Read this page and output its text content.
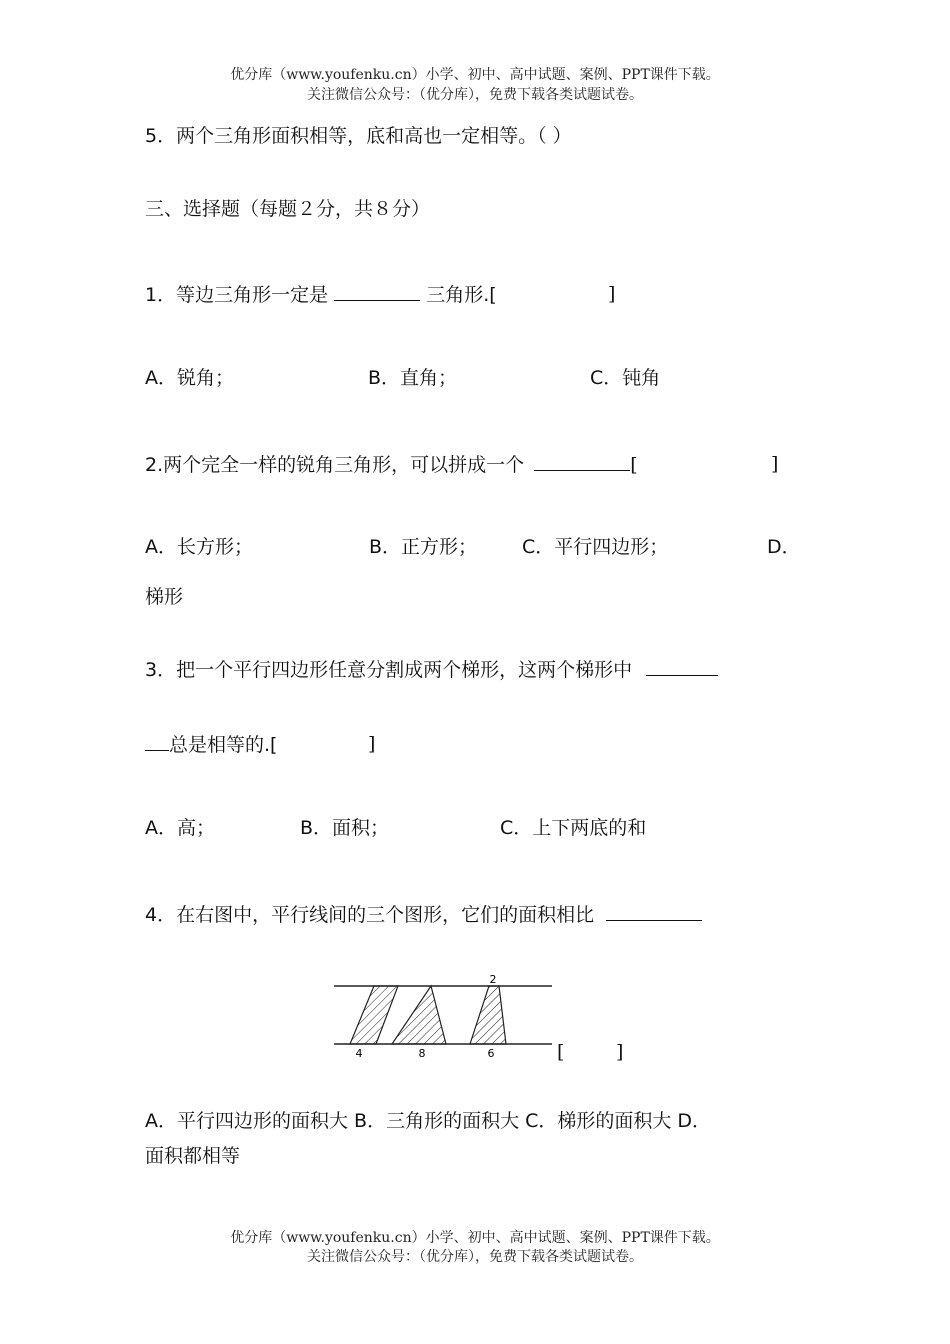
优分库（www.youfenku.cn）小学、初中、高中试题、案例、PPT课件下载。
关注微信公众号：（优分库），免费下载各类试题试卷。
5．两个三角形面积相等，底和高也一定相等。（ ）
三、选择题（每题２分，共８分）
1．等边三角形一定是	三角形.[	]
A．锐角；	B．直角；	C．钝角
2.两个完全一样的锐角三角形，可以拼成一个	[	]
A．长方形；	B．正方形； C．平行四边形；	D．
梯形
3．把一个平行四边形任意分割成两个梯形，这两个梯形中
总是相等的.[	]
A．高；	B．面积；	C．上下两底的和
4．在右图中，平行线间的三个图形，它们的面积相比
2
4	8	6	[	]
A．平行四边形的面积大 B．三角形的面积大 C．梯形的面积大 D．
面积都相等
优分库（www.youfenku.cn）小学、初中、高中试题、案例、PPT课件下载。
关注微信公众号：（优分库），免费下载各类试题试卷。
